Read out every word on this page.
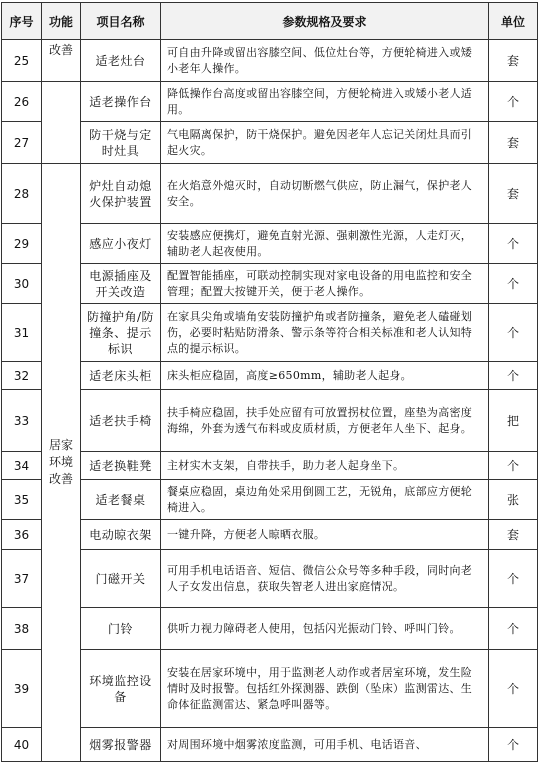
序号	功能	项目名称	参数规格及要求	单位
25	改善	适老灶台	可自由升降或留出容膝空间、低位灶台等，方便轮椅进入或矮小老年人操作。	套
26		适老操作台	降低操作台高度或留出容膝空间，方便轮椅进入或矮小老人适用。	个
27		防干烧与定时灶具	气电隔离保护，防干烧保护。避免因老年人忘记关闭灶具而引起火灾。	套
28	居家环境改善	炉灶自动熄火保护装置	在火焰意外熄灭时，自动切断燃气供应，防止漏气，保护老人安全。	套
29		感应小夜灯	安装感应便携灯，避免直射光源、强刺激性光源，人走灯灭，辅助老人起夜使用。	个
30		电源插座及开关改造	配置智能插座，可联动控制实现对家电设备的用电监控和安全管理；配置大按键开关，便于老人操作。	个
31		防撞护角/防撞条、提示标识	在家具尖角或墙角安装防撞护角或者防撞条，避免老人磕碰划伤，必要时粘贴防滑条、警示条等符合相关标准和老人认知特点的提示标识。	个
32		适老床头柜	床头柜应稳固，高度≥650mm，辅助老人起身。	个
33		适老扶手椅	扶手椅应稳固，扶手处应留有可放置拐杖位置，座垫为高密度海绵，外套为透气布料或皮质材质，方便老年人坐下、起身。	把
34		适老换鞋凳	主材实木支架，自带扶手，助力老人起身坐下。	个
35		适老餐桌	餐桌应稳固，桌边角处采用倒圆工艺，无锐角，底部应方便轮椅进入。	张
36		电动晾衣架	一键升降，方便老人晾晒衣服。	套
37		门磁开关	可用手机电话语音、短信、微信公众号等多种手段，同时向老人子女发出信息，获取失智老人进出家庭情况。	个
38		门铃	供听力视力障碍老人使用，包括闪光振动门铃、呼叫门铃。	个
39		环境监控设备	安装在居家环境中，用于监测老人动作或者居室环境，发生险情时及时报警。包括红外探测器、跌倒（坠床）监测雷达、生命体征监测雷达、紧急呼叫器等。	个
40		烟雾报警器	对周围环境中烟雾浓度监测，可用手机、电话语音、	个
